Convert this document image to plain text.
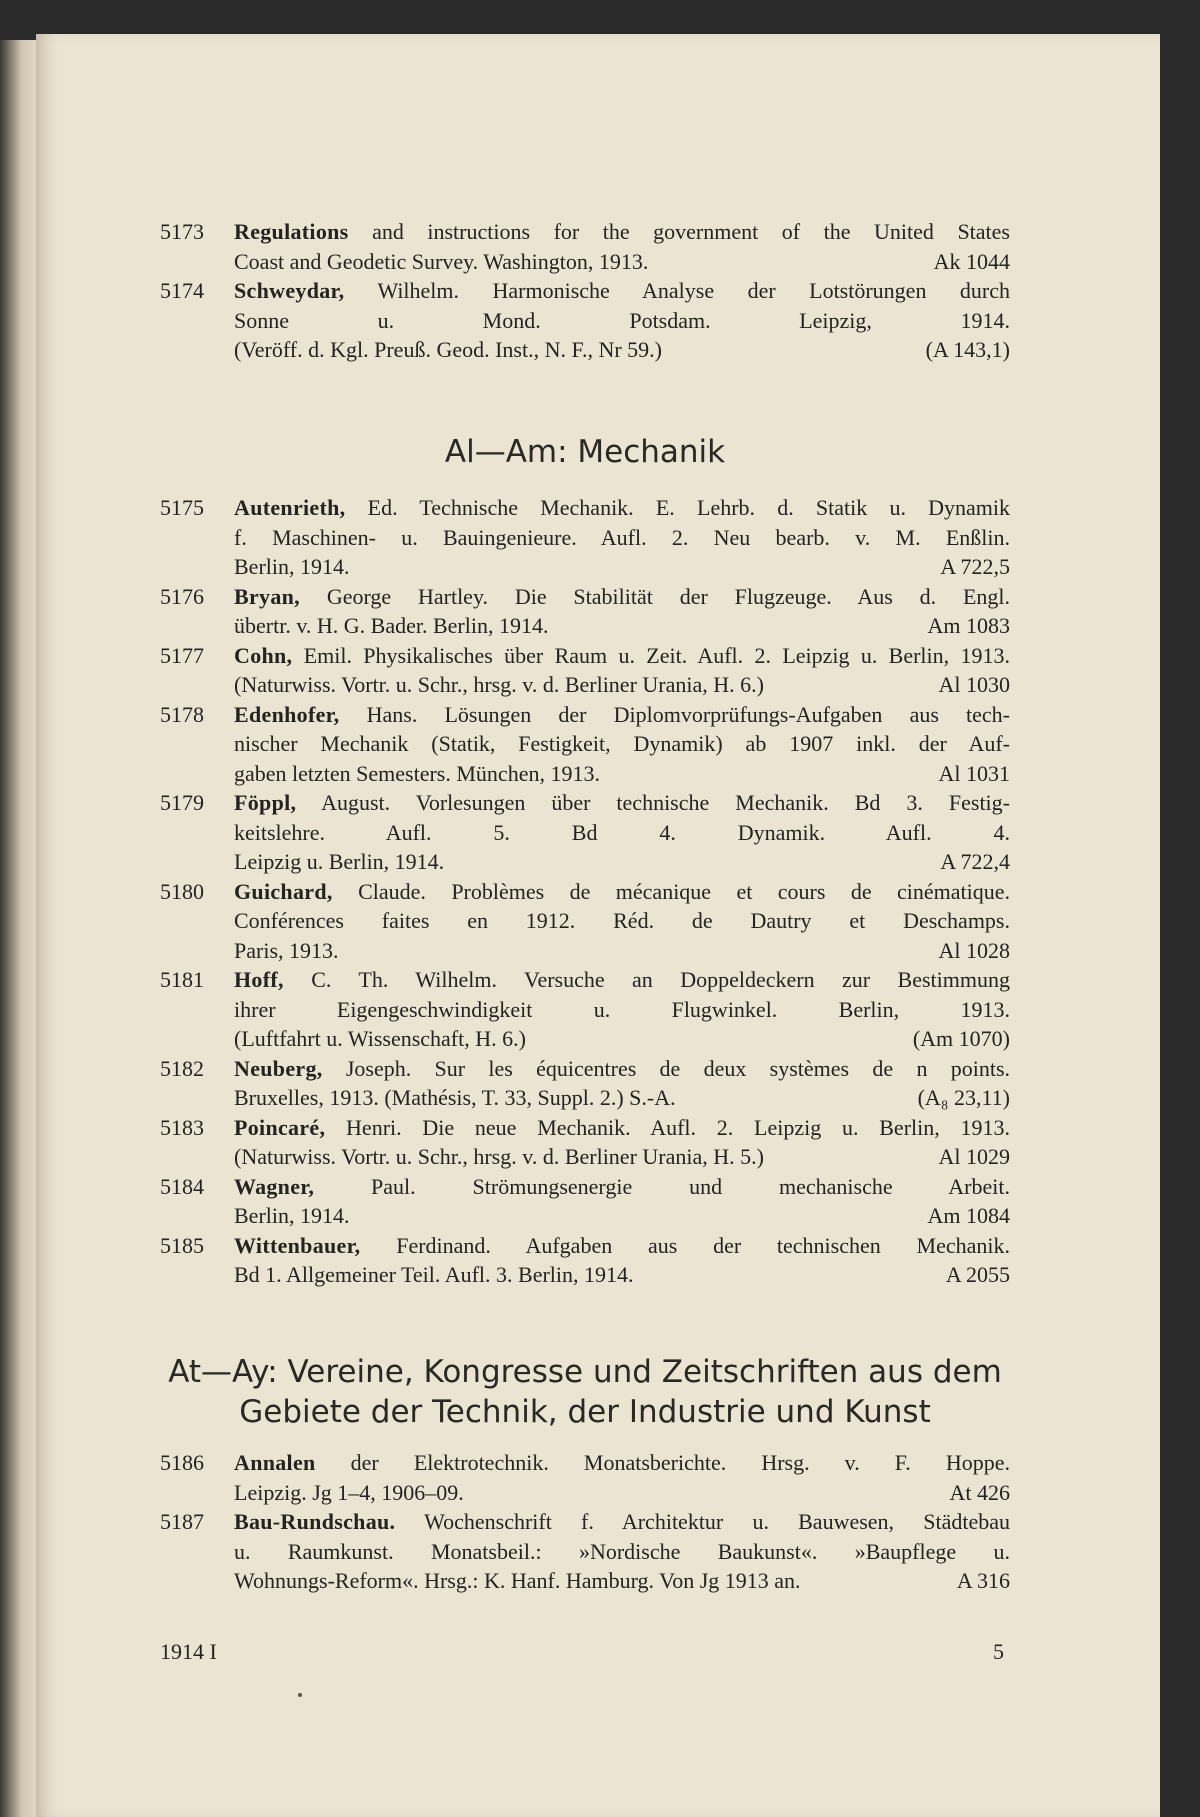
5173 Regulations and instructions for the government of the United States
Ak 1044
Coast and Geodetic Survey. Washington, 1913.
5174 Schweydar, Wilhelm. Harmonische Analyse der Lotstörungen durch
Sonne u. Mond. Potsdam. Leipzig, 1914.
(A 143,1)
(Veröff. d. Kgl. Preuß. Geod. Inst., N. F., Nr 59.)
Al—Am: Mechanik
5175 Autenrieth, Ed. Technische Mechanik. E. Lehrb. d. Statik u. Dynamik
f. Maschinen- u. Bauingenieure. Aufl. 2. Neu bearb. v. M. Enßlin.
A 722,5
Berlin, 1914.
5176 Bryan, George Hartley. Die Stabilität der Flugzeuge. Aus d. Engl.
Am 1083
übertr. v. H. G. Bader. Berlin, 1914.
5177 Cohn, Emil. Physikalisches über Raum u. Zeit. Aufl. 2. Leipzig u. Berlin, 1913.
Al 1030
(Naturwiss. Vortr. u. Schr., hrsg. v. d. Berliner Urania, H. 6.)
5178 Edenhofer, Hans. Lösungen der Diplomvorprüfungs-Aufgaben aus tech-
nischer Mechanik (Statik, Festigkeit, Dynamik) ab 1907 inkl. der Auf-
Al 1031
gaben letzten Semesters. München, 1913.
5179 Föppl, August. Vorlesungen über technische Mechanik. Bd 3. Festig-
keitslehre. Aufl. 5. Bd 4. Dynamik. Aufl. 4.
A 722,4
Leipzig u. Berlin, 1914.
5180 Guichard, Claude. Problèmes de mécanique et cours de cinématique.
Conférences faites en 1912. Réd. de Dautry et Deschamps.
Al 1028
Paris, 1913.
5181 Hoff, C. Th. Wilhelm. Versuche an Doppeldeckern zur Bestimmung
ihrer Eigengeschwindigkeit u. Flugwinkel. Berlin, 1913.
(Am 1070)
(Luftfahrt u. Wissenschaft, H. 6.)
5182 Neuberg, Joseph. Sur les équicentres de deux systèmes de n points.
(A₈ 23,11)
Bruxelles, 1913. (Mathésis, T. 33, Suppl. 2.) S.-A.
5183 Poincaré, Henri. Die neue Mechanik. Aufl. 2. Leipzig u. Berlin, 1913.
Al 1029
(Naturwiss. Vortr. u. Schr., hrsg. v. d. Berliner Urania, H. 5.)
5184 Wagner,	Paul. Strömungsenergie und mechanische Arbeit.
Am 1084
Berlin, 1914.
5185 Wittenbauer, Ferdinand. Aufgaben aus der technischen Mechanik.
A 2055
Bd 1. Allgemeiner Teil. Aufl. 3. Berlin, 1914.
At—Ay: Vereine, Kongresse und Zeitschriften aus dem
Gebiete der Technik, der Industrie und Kunst
5186 Annalen der Elektrotechnik. Monatsberichte. Hrsg. v. F. Hoppe.
At 426
Leipzig. Jg 1–4, 1906–09.
5187 Bau-Rundschau. Wochenschrift f. Architektur u. Bauwesen, Städtebau
u. Raumkunst. Monatsbeil.: »Nordische Baukunst«. »Baupflege u.
A 316
Wohnungs-Reform«. Hrsg.: K. Hanf. Hamburg. Von Jg 1913 an.
1914 I	5
